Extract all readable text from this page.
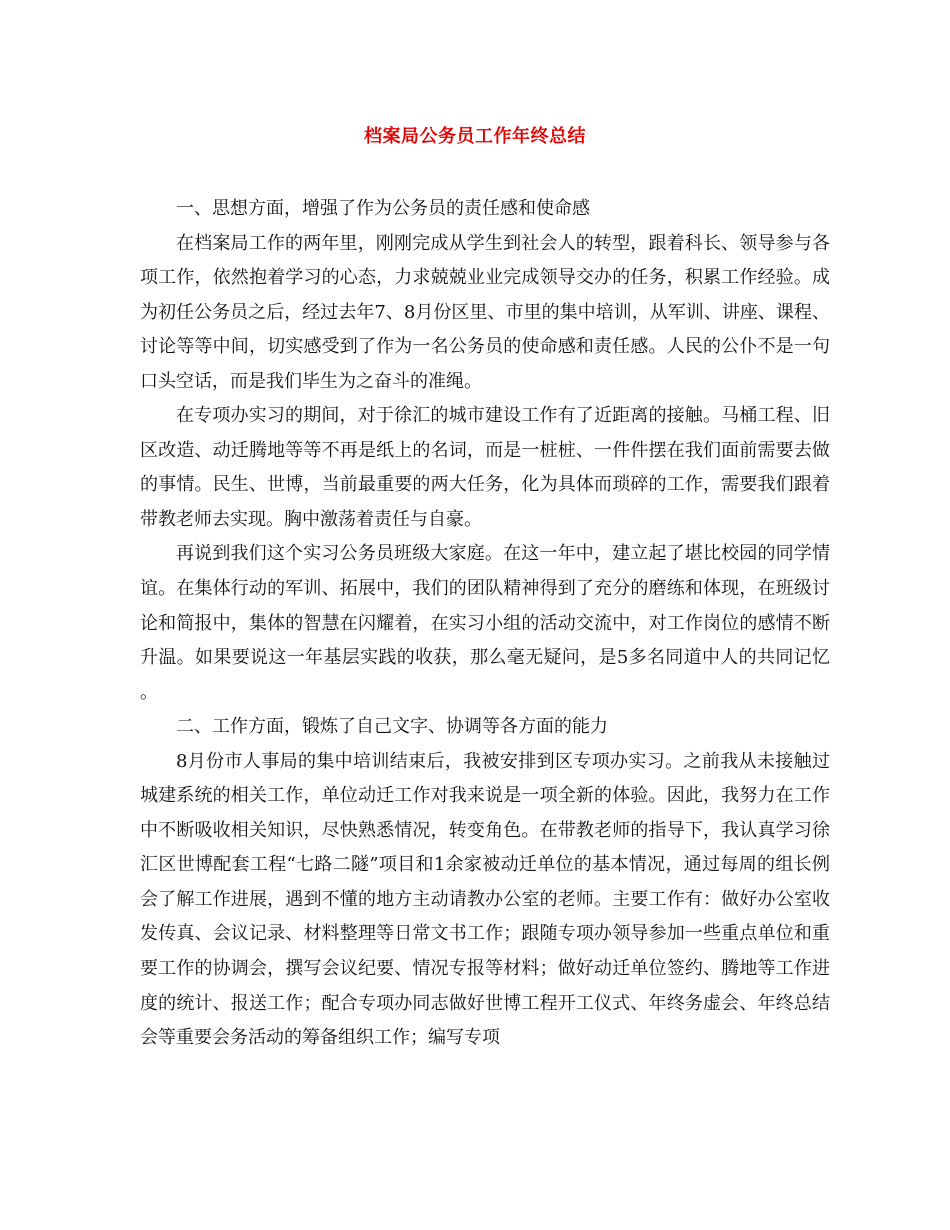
档案局公务员工作年终总结

一、思想方面，增强了作为公务员的责任感和使命感

在档案局工作的两年里，刚刚完成从学生到社会人的转型，跟着科长、领导参与各项工作，依然抱着学习的心态，力求兢兢业业完成领导交办的任务，积累工作经验。成为初任公务员之后，经过去年7、8月份区里、市里的集中培训，从军训、讲座、课程、讨论等等中间，切实感受到了作为一名公务员的使命感和责任感。人民的公仆不是一句口头空话，而是我们毕生为之奋斗的准绳。

在专项办实习的期间，对于徐汇的城市建设工作有了近距离的接触。马桶工程、旧区改造、动迁腾地等等不再是纸上的名词，而是一桩桩、一件件摆在我们面前需要去做的事情。民生、世博，当前最重要的两大任务，化为具体而琐碎的工作，需要我们跟着带教老师去实现。胸中激荡着责任与自豪。

再说到我们这个实习公务员班级大家庭。在这一年中，建立起了堪比校园的同学情谊。在集体行动的军训、拓展中，我们的团队精神得到了充分的磨练和体现，在班级讨论和简报中，集体的智慧在闪耀着，在实习小组的活动交流中，对工作岗位的感情不断升温。如果要说这一年基层实践的收获，那么毫无疑问，是5多名同道中人的共同记忆。

二、工作方面，锻炼了自己文字、协调等各方面的能力

8月份市人事局的集中培训结束后，我被安排到区专项办实习。之前我从未接触过城建系统的相关工作，单位动迁工作对我来说是一项全新的体验。因此，我努力在工作中不断吸收相关知识，尽快熟悉情况，转变角色。在带教老师的指导下，我认真学习徐汇区世博配套工程“七路二隧”项目和1余家被动迁单位的基本情况，通过每周的组长例会了解工作进展，遇到不懂的地方主动请教办公室的老师。主要工作有：做好办公室收发传真、会议记录、材料整理等日常文书工作；跟随专项办领导参加一些重点单位和重要工作的协调会，撰写会议纪要、情况专报等材料；做好动迁单位签约、腾地等工作进度的统计、报送工作；配合专项办同志做好世博工程开工仪式、年终务虚会、年终总结会等重要会务活动的筹备组织工作；编写专项
